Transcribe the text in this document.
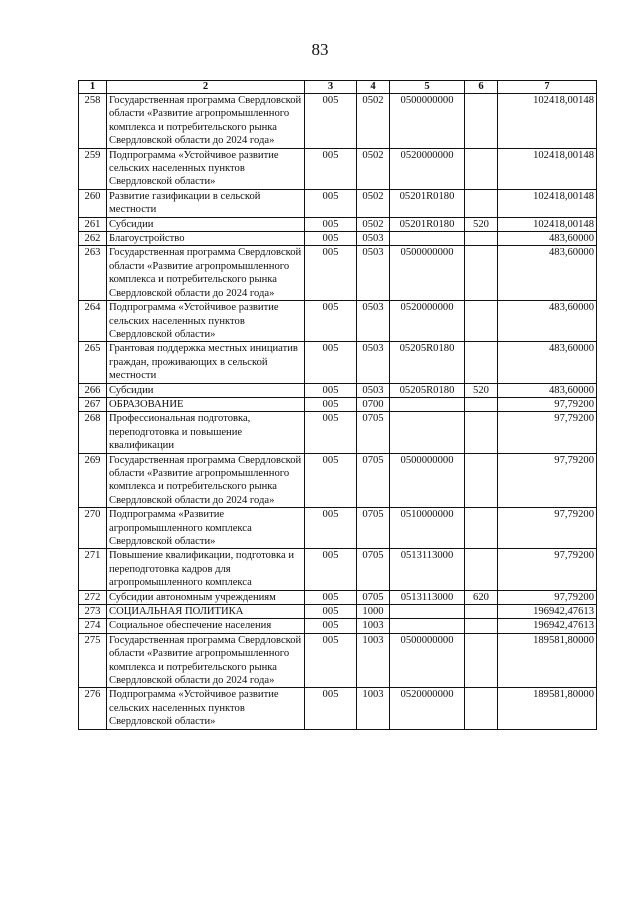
83
1	2	3	4	5	6	7
258	Государственная программа Свердловской области «Развитие агропромышленного комплекса и потребительского рынка Свердловской области до 2024 года»	005	0502	0500000000		102418,00148
259	Подпрограмма «Устойчивое развитие сельских населенных пунктов Свердловской области»	005	0502	0520000000		102418,00148
260	Развитие газификации в сельской местности	005	0502	05201R0180		102418,00148
261	Субсидии	005	0502	05201R0180	520	102418,00148
262	Благоустройство	005	0503			483,60000
263	Государственная программа Свердловской области «Развитие агропромышленного комплекса и потребительского рынка Свердловской области до 2024 года»	005	0503	0500000000		483,60000
264	Подпрограмма «Устойчивое развитие сельских населенных пунктов Свердловской области»	005	0503	0520000000		483,60000
265	Грантовая поддержка местных инициатив граждан, проживающих в сельской местности	005	0503	05205R0180		483,60000
266	Субсидии	005	0503	05205R0180	520	483,60000
267	ОБРАЗОВАНИЕ	005	0700			97,79200
268	Профессиональная подготовка, переподготовка и повышение квалификации	005	0705			97,79200
269	Государственная программа Свердловской области «Развитие агропромышленного комплекса и потребительского рынка Свердловской области до 2024 года»	005	0705	0500000000		97,79200
270	Подпрограмма «Развитие агропромышленного комплекса Свердловской области»	005	0705	0510000000		97,79200
271	Повышение квалификации, подготовка и переподготовка кадров для агропромышленного комплекса	005	0705	0513113000		97,79200
272	Субсидии автономным учреждениям	005	0705	0513113000	620	97,79200
273	СОЦИАЛЬНАЯ ПОЛИТИКА	005	1000			196942,47613
274	Социальное обеспечение населения	005	1003			196942,47613
275	Государственная программа Свердловской области «Развитие агропромышленного комплекса и потребительского рынка Свердловской области до 2024 года»	005	1003	0500000000		189581,80000
276	Подпрограмма «Устойчивое развитие сельских населенных пунктов Свердловской области»	005	1003	0520000000		189581,80000
